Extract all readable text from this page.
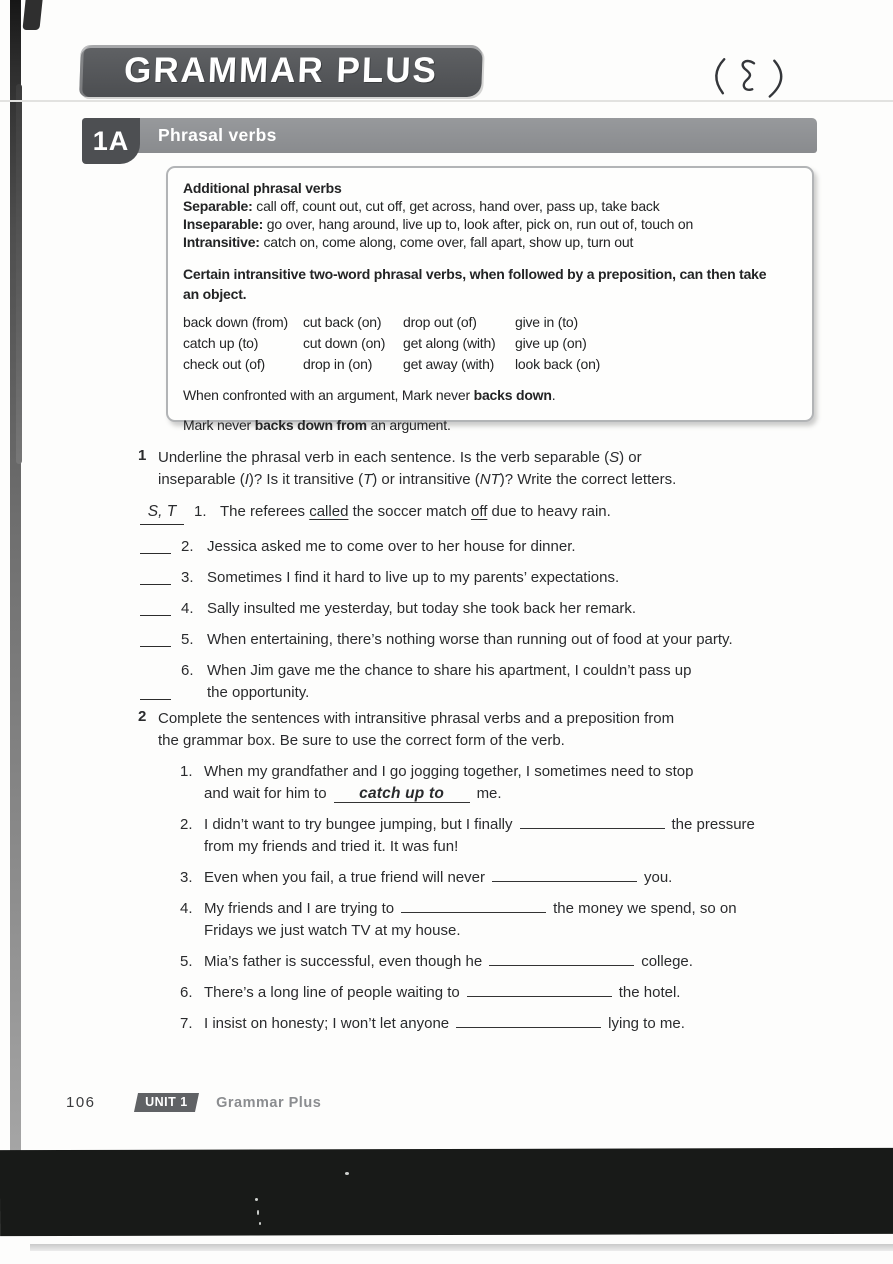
GRAMMAR PLUS
Phrasal verbs
1A

Additional phrasal verbs

Separable: call off, count out, cut off, get across, hand over, pass up, take back

Inseparable: go over, hang around, live up to, look after, pick on, run out of, touch on

Intransitive: catch on, come along, come over, fall apart, show up, turn out

Certain intransitive two-word phrasal verbs, when followed by a preposition, can then take
an object.
back down (from)	cut back (on)	drop out (of)	give in (to)
catch up (to)	cut down (on)	get along (with)	give up (on)
check out (of)	drop in (on)	get away (with)	look back (on)

When confronted with an argument, Mark never backs down.

Mark never backs down from an argument.

1 Underline the phrasal verb in each sentence. Is the verb separable (S) or
inseparable (I)? Is it transitive (T) or intransitive (NT)? Write the correct letters.
S, T	1. The referees called the soccer match off due to heavy rain.
2. Jessica asked me to come over to her house for dinner.
3. Sometimes I find it hard to live up to my parents’ expectations.
4. Sally insulted me yesterday, but today she took back her remark.
5. When entertaining, there’s nothing worse than running out of food at your party.
6. When Jim gave me the chance to share his apartment, I couldn’t pass up
the opportunity.
2 Complete the sentences with intransitive phrasal verbs and a preposition from
the grammar box. Be sure to use the correct form of the verb.
1. When my grandfather and I go jogging together, I sometimes need to stop
and wait for him to catch up to me.
2. I didn’t want to try bungee jumping, but I finally	the pressure
from my friends and tried it. It was fun!
3. Even when you fail, a true friend will never	you.
4. My friends and I are trying to	the money we spend, so on
Fridays we just watch TV at my house.
5. Mia’s father is successful, even though he	college.
6. There’s a long line of people waiting to	the hotel.
7. I insist on honesty; I won’t let anyone	lying to me.
106	UNIT 1	Grammar Plus
